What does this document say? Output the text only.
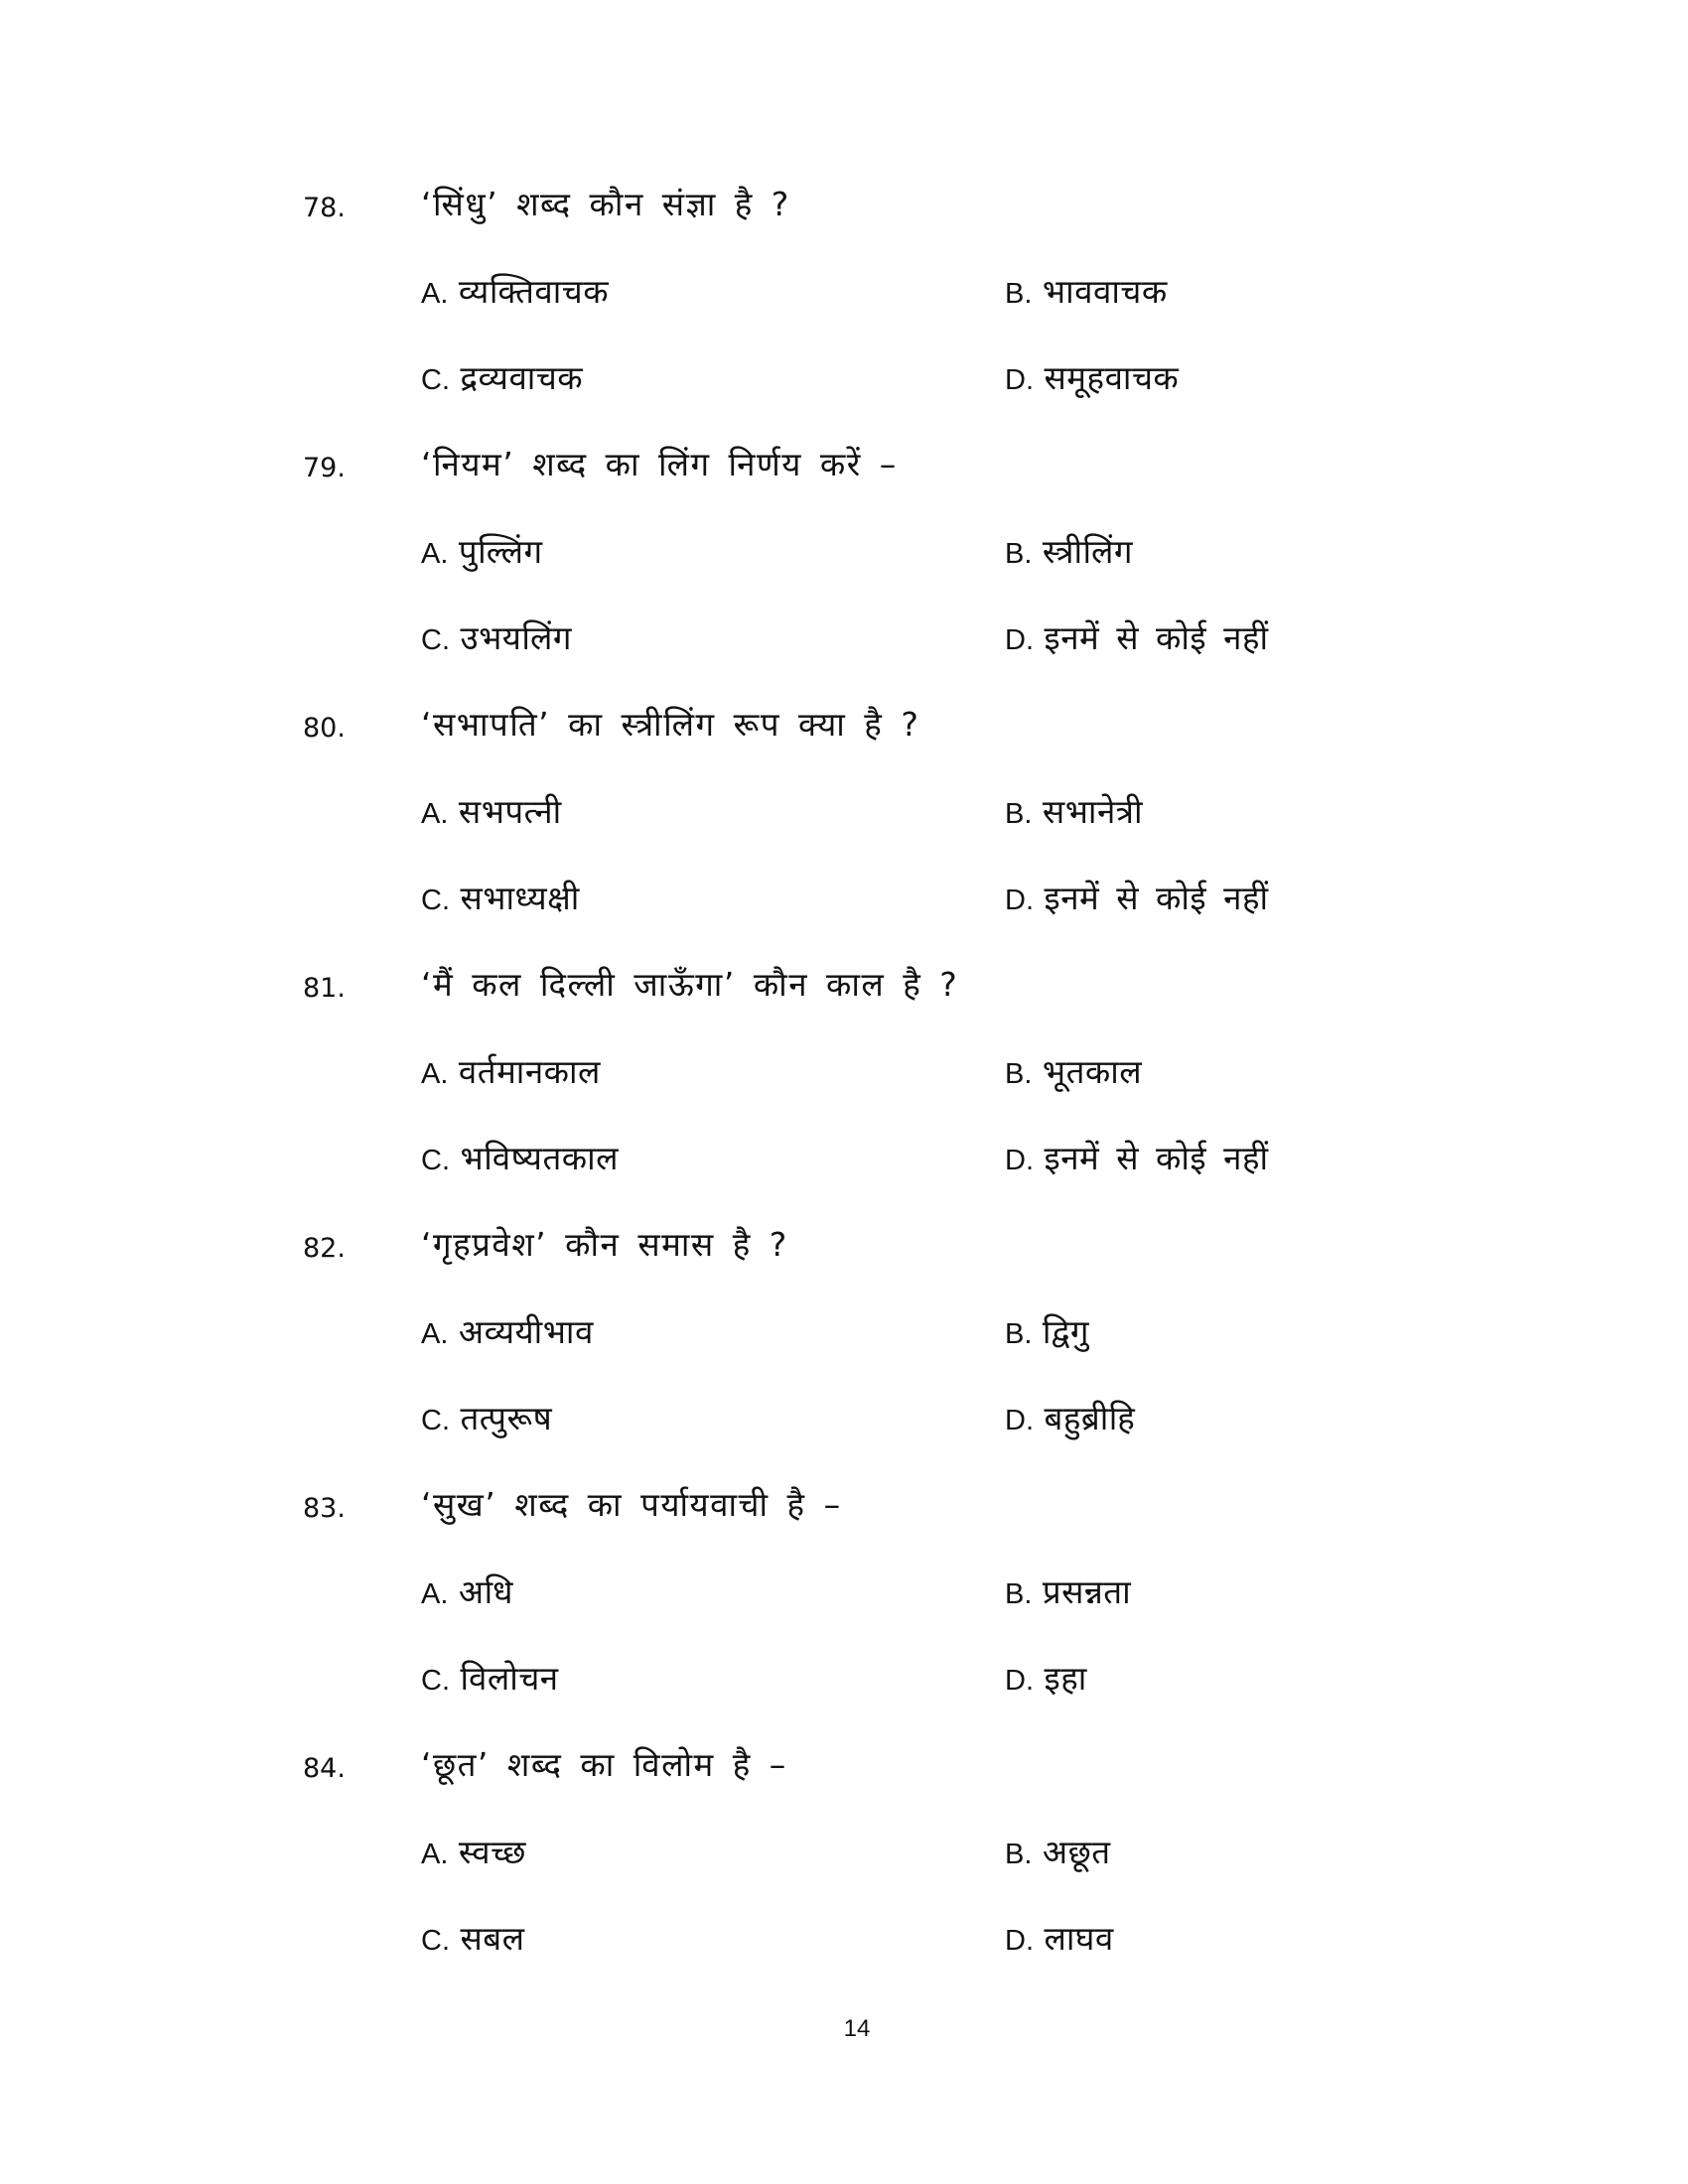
78. ‘सिंधु’ शब्द कौन संज्ञा है ?
A. व्यक्तिवाचक	B. भाववाचक
C. द्रव्यवाचक	D. समूहवाचक
79. ‘नियम’ शब्द का लिंग निर्णय करें –
A. पुल्लिंग	B. स्त्रीलिंग
C. उभयलिंग	D. इनमें से कोई नहीं
80. ‘सभापति’ का स्त्रीलिंग रूप क्या है ?
A. सभपत्नी	B. सभानेत्री
C. सभाध्यक्षी	D. इनमें से कोई नहीं
81. ‘मैं कल दिल्ली जाऊँगा’ कौन काल है ?
A. वर्तमानकाल	B. भूतकाल
C. भविष्यतकाल	D. इनमें से कोई नहीं
82. ‘गृहप्रवेश’ कौन समास है ?
A. अव्ययीभाव	B. द्विगु
C. तत्पुरूष	D. बहुब्रीहि
83. ‘सुख’ शब्द का पर्यायवाची है –
A. अधि	B. प्रसन्नता
C. विलोचन	D. इहा
84. ‘छूत’ शब्द का विलोम है –
A. स्वच्छ	B. अछूत
C. सबल	D. लाघव
14
